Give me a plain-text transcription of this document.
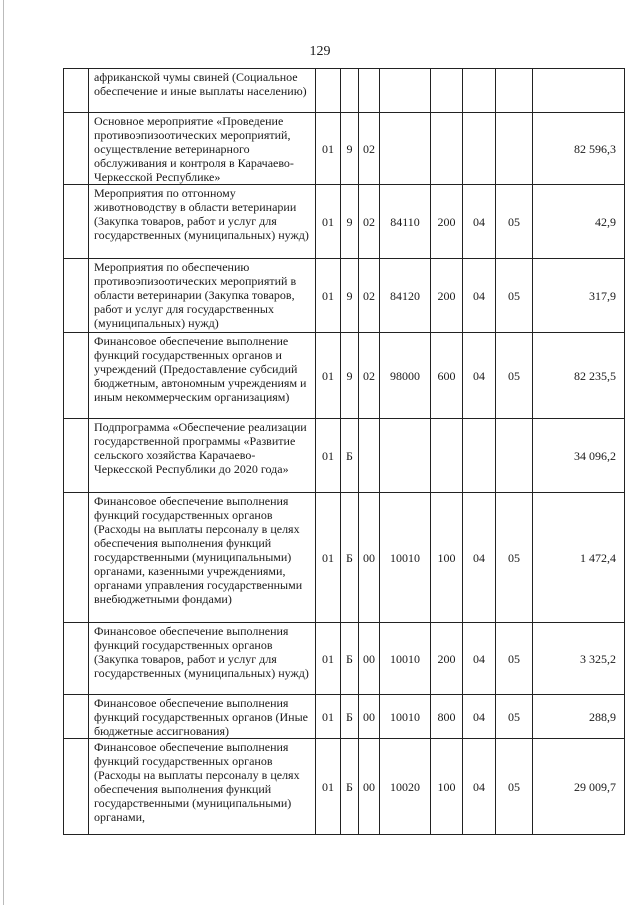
129
	африканской чумы свиней (Социальное обеспечение и иные выплаты населению)								
	Основное мероприятие «Проведение противоэпизоотических мероприятий, осуществление ветеринарного обслуживания и контроля в Карачаево-Черкесской Республике»	01	9	02					82 596,3
	Мероприятия по отгонному животноводству в области ветеринарии (Закупка товаров, работ и услуг для государственных (муниципальных) нужд)	01	9	02	84110	200	04	05	42,9
	Мероприятия по обеспечению противоэпизоотических мероприятий в области ветеринарии (Закупка товаров, работ и услуг для государственных (муниципальных) нужд)	01	9	02	84120	200	04	05	317,9
	Финансовое обеспечение выполнение функций государственных органов и учреждений (Предоставление субсидий бюджетным, автономным учреждениям и иным некоммерческим организациям)	01	9	02	98000	600	04	05	82 235,5
	Подпрограмма «Обеспечение реализации государственной программы «Развитие сельского хозяйства Карачаево-Черкесской Республики до 2020 года»	01	Б						34 096,2
	Финансовое обеспечение выполнения функций государственных органов (Расходы на выплаты персоналу в целях обеспечения выполнения функций государственными (муниципальными) органами, казенными учреждениями, органами управления государственными внебюджетными фондами)	01	Б	00	10010	100	04	05	1 472,4
	Финансовое обеспечение выполнения функций государственных органов (Закупка товаров, работ и услуг для государственных (муниципальных) нужд)	01	Б	00	10010	200	04	05	3 325,2
	Финансовое обеспечение выполнения функций государственных органов (Иные бюджетные ассигнования)	01	Б	00	10010	800	04	05	288,9
	Финансовое обеспечение выполнения функций государственных органов (Расходы на выплаты персоналу в целях обеспечения выполнения функций государственными (муниципальными) органами,	01	Б	00	10020	100	04	05	29 009,7
